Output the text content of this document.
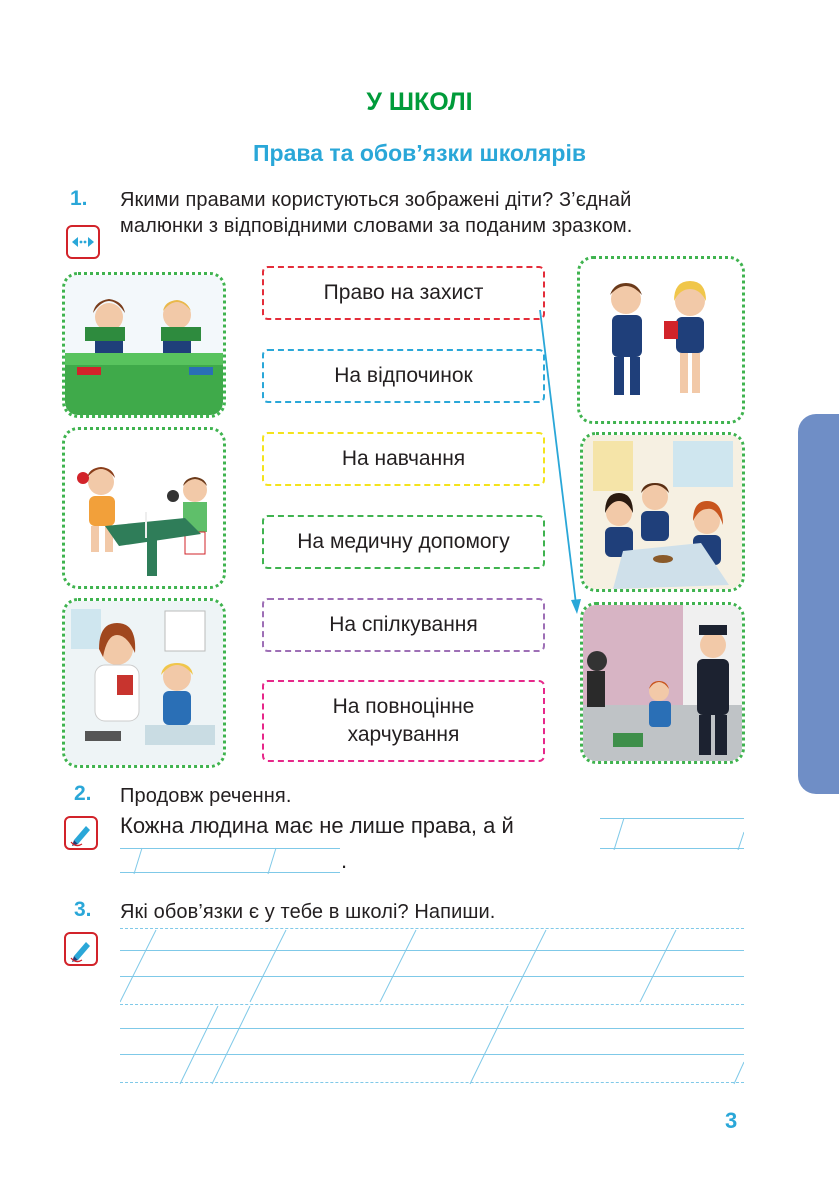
У ШКОЛІ
Права та обов’язки школярів
1. Якими правами користуються зображені діти? З’єднай
малюнки з відповідними словами за поданим зразком.
Право на захист
На відпочинок
На навчання
На медичну допомогу
На спілкування
На повноцінне
харчування
2. Продовж речення.
Кожна людина має не лише права, а й
.
3. Які обов’язки є у тебе в школі? Напиши.
3
